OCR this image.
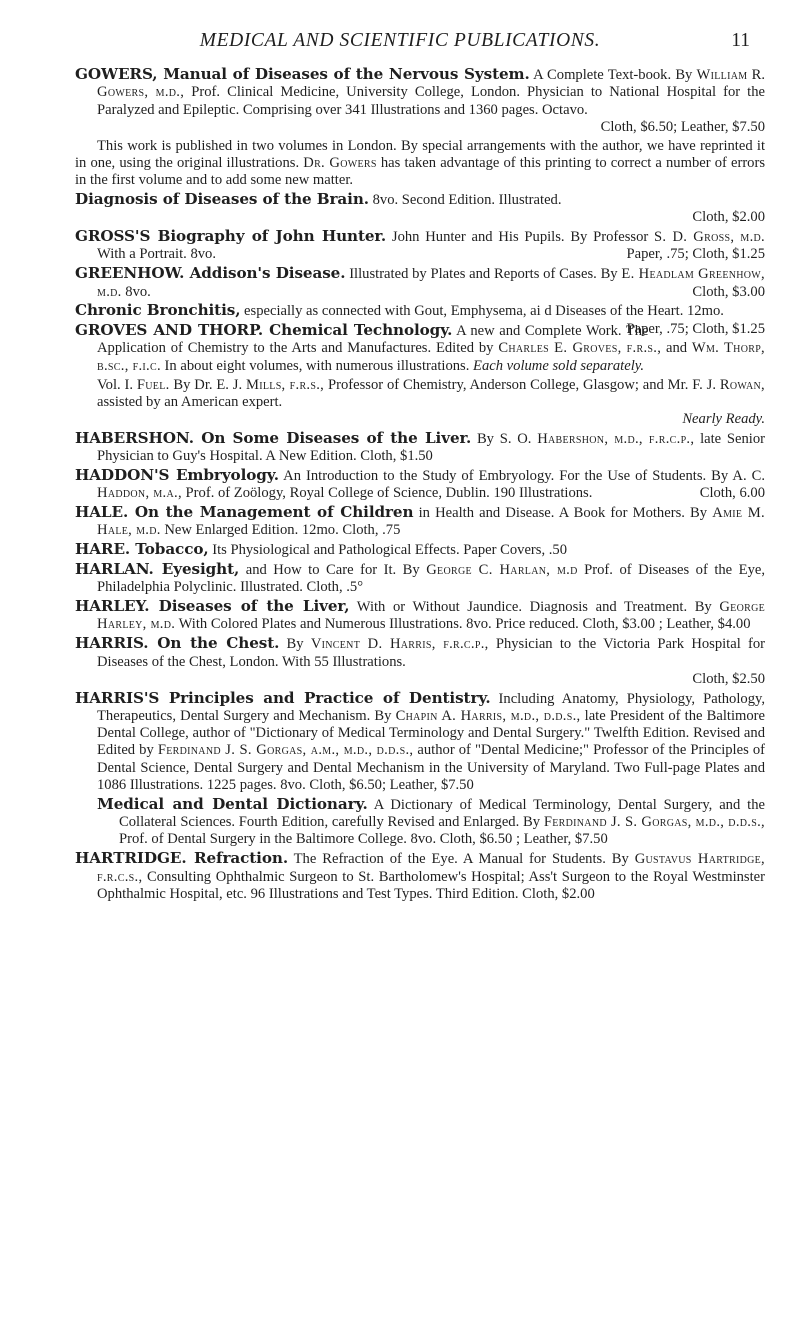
MEDICAL AND SCIENTIFIC PUBLICATIONS.	11

GOWERS, Manual of Diseases of the Nervous System. A Complete Text-book. By William R. Gowers, m.d., Prof. Clinical Medicine, University College, London. Physician to National Hospital for the Paralyzed and Epileptic. Comprising over 341 Illustrations and 1360 pages. Octavo.
Cloth, $6.50; Leather, $7.50

This work is published in two volumes in London. By special arrangements with the author, we have reprinted it in one, using the original illustrations. Dr. Gowers has taken advantage of this printing to correct a number of errors in the first volume and to add some new matter.

Diagnosis of Diseases of the Brain. 8vo. Second Edition. Illustrated.
Cloth, $2.00

GROSS'S Biography of John Hunter. John Hunter and His Pupils. By Professor S. D. Gross, m.d. With a Portrait. 8vo.	Paper, .75; Cloth, $1.25

GREENHOW. Addison's Disease. Illustrated by Plates and Reports of Cases. By E. Headlam Greenhow, m.d. 8vo.	Cloth, $3.00

Chronic Bronchitis, especially as connected with Gout, Emphysema, ai d Diseases of the Heart. 12mo.
Paper, .75; Cloth, $1.25

GROVES AND THORP. Chemical Technology. A new and Complete Work. The Application of Chemistry to the Arts and Manufactures. Edited by Charles E. Groves, f.r.s., and Wm. Thorp, b.sc., f.i.c. In about eight volumes, with numerous illustrations. Each volume sold separately.

Vol. I. Fuel. By Dr. E. J. Mills, f.r.s., Professor of Chemistry, Anderson College, Glasgow; and Mr. F. J. Rowan, assisted by an American expert.
Nearly Ready.

HABERSHON. On Some Diseases of the Liver. By S. O. Habershon, m.d., f.r.c.p., late Senior Physician to Guy's Hospital. A New Edition. Cloth, $1.50

HADDON'S Embryology. An Introduction to the Study of Embryology. For the Use of Students. By A. C. Haddon, m.a., Prof. of Zoölogy, Royal College of Science, Dublin. 190 Illustrations.	Cloth, 6.00

HALE. On the Management of Children in Health and Disease. A Book for Mothers. By Amie M. Hale, m.d. New Enlarged Edition. 12mo. Cloth, .75

HARE. Tobacco, Its Physiological and Pathological Effects. Paper Covers, .50

HARLAN. Eyesight, and How to Care for It. By George C. Harlan, m.d Prof. of Diseases of the Eye, Philadelphia Polyclinic. Illustrated. Cloth, .5°

HARLEY. Diseases of the Liver, With or Without Jaundice. Diagnosis and Treatment. By George Harley, m.d. With Colored Plates and Numerous Illustrations. 8vo. Price reduced. Cloth, $3.00 ; Leather, $4.00

HARRIS. On the Chest. By Vincent D. Harris, f.r.c.p., Physician to the Victoria Park Hospital for Diseases of the Chest, London. With 55 Illustrations.
Cloth, $2.50

HARRIS'S Principles and Practice of Dentistry. Including Anatomy, Physiology, Pathology, Therapeutics, Dental Surgery and Mechanism. By Chapin A. Harris, m.d., d.d.s., late President of the Baltimore Dental College, author of "Dictionary of Medical Terminology and Dental Surgery." Twelfth Edition. Revised and Edited by Ferdinand J. S. Gorgas, a.m., m.d., d.d.s., author of "Dental Medicine;" Professor of the Principles of Dental Science, Dental Surgery and Dental Mechanism in the University of Maryland. Two Full-page Plates and 1086 Illustrations. 1225 pages. 8vo. Cloth, $6.50; Leather, $7.50

Medical and Dental Dictionary. A Dictionary of Medical Terminology, Dental Surgery, and the Collateral Sciences. Fourth Edition, carefully Revised and Enlarged. By Ferdinand J. S. Gorgas, m.d., d.d.s., Prof. of Dental Surgery in the Baltimore College. 8vo. Cloth, $6.50 ; Leather, $7.50

HARTRIDGE. Refraction. The Refraction of the Eye. A Manual for Students. By Gustavus Hartridge, f.r.c.s., Consulting Ophthalmic Surgeon to St. Bartholomew's Hospital; Ass't Surgeon to the Royal Westminster Ophthalmic Hospital, etc. 96 Illustrations and Test Types. Third Edition. Cloth, $2.00
